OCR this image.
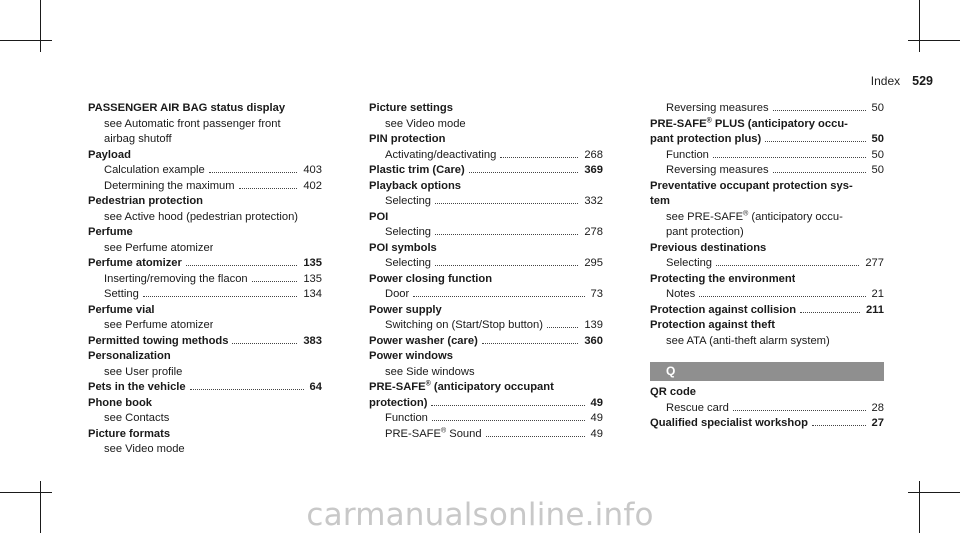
Index 529
PASSENGER AIR BAG status display
see Automatic front passenger front
airbag shutoff
Payload
Calculation example	403
Determining the maximum	402
Pedestrian protection
see Active hood (pedestrian protection)
Perfume
see Perfume atomizer
Perfume atomizer	135
Inserting/removing the flacon	135
Setting	134
Perfume vial
see Perfume atomizer
Permitted towing methods	383
Personalization
see User profile
Pets in the vehicle	64
Phone book
see Contacts
Picture formats
see Video mode
Picture settings
see Video mode
PIN protection
Activating/deactivating	268
Plastic trim (Care)	369
Playback options
Selecting	332
POI
Selecting	278
POI symbols
Selecting	295
Power closing function
Door	73
Power supply
Switching on (Start/Stop button)	139
Power washer (care)	360
Power windows
see Side windows
PRE-SAFE® (anticipatory occupant
protection)	49
Function	49
PRE-SAFE® Sound	49
Reversing measures	50
PRE-SAFE® PLUS (anticipatory occu-
pant protection plus)	50
Function	50
Reversing measures	50
Preventative occupant protection sys-
tem
see PRE-SAFE® (anticipatory occu-
pant protection)
Previous destinations
Selecting	277
Protecting the environment
Notes	21
Protection against collision	211
Protection against theft
see ATA (anti-theft alarm system)
Q
QR code
Rescue card	28
Qualified specialist workshop	27
carmanualsonline.info
